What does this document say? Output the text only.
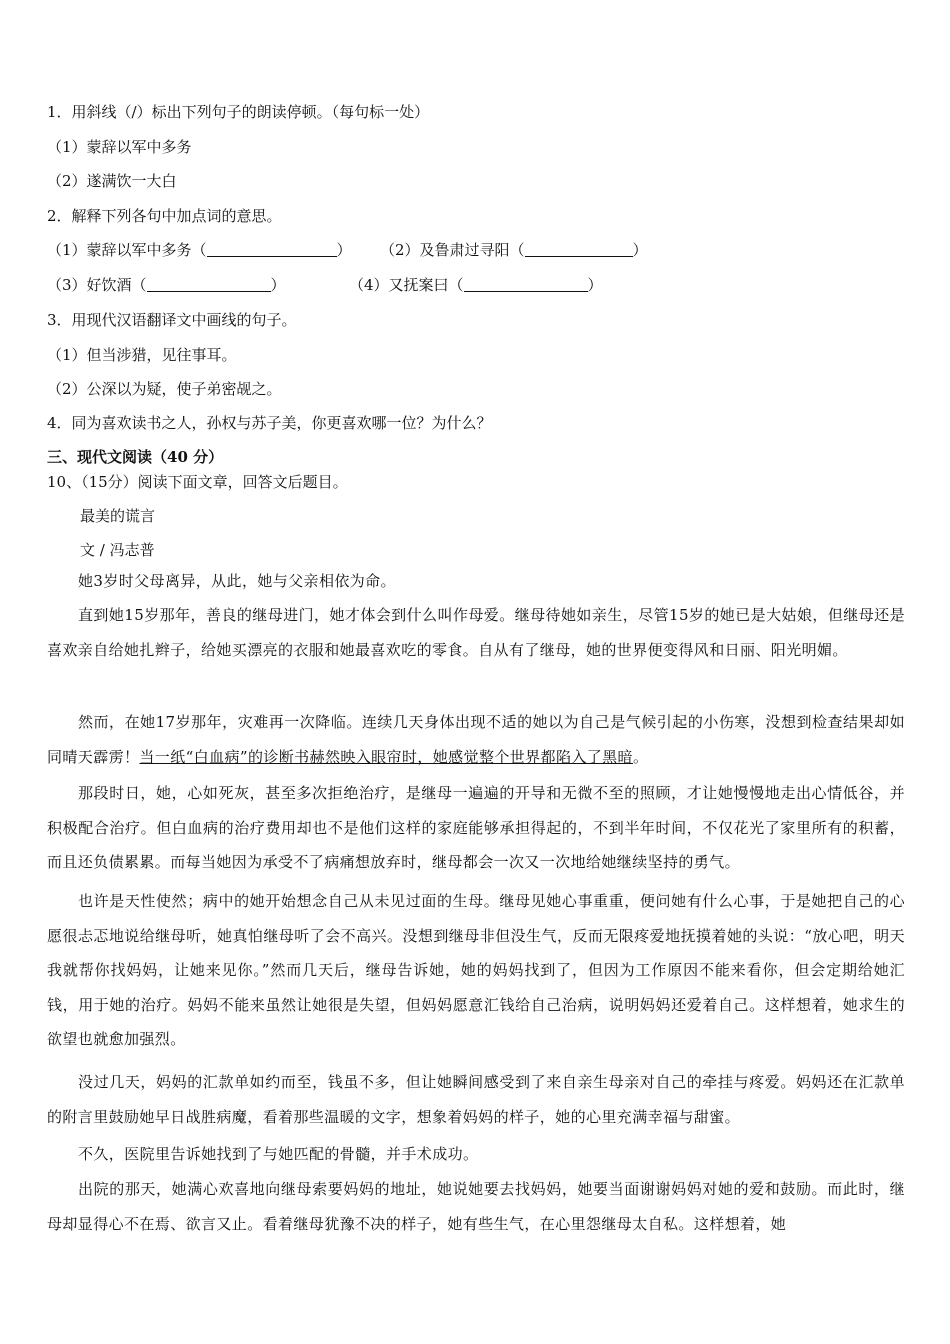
1．用斜线（/）标出下列句子的朗读停顿。（每句标一处）
（1）蒙辞以军中多务
（2）遂满饮一大白
2．解释下列各句中加点词的意思。
（1）蒙辞以军中多务（	） （2）及鲁肃过寻阳（	）
（3）好饮酒（	）	（4）又抚案曰（	）
3．用现代汉语翻译文中画线的句子。
（1）但当涉猎，见往事耳。
（2）公深以为疑，使子弟密觇之。
4．同为喜欢读书之人，孙权与苏子美，你更喜欢哪一位？为什么？
三、现代文阅读（40 分）
10、（15分）阅读下面文章，回答文后题目。
最美的谎言
文 / 冯志普
她3岁时父母离异，从此，她与父亲相依为命。
直到她15岁那年，善良的继母进门，她才体会到什么叫作母爱。继母待她如亲生，尽管15岁的她已是大姑娘，但继母还是喜欢亲自给她扎辫子，给她买漂亮的衣服和她最喜欢吃的零食。自从有了继母，她的世界便变得风和日丽、阳光明媚。
然而，在她17岁那年，灾难再一次降临。连续几天身体出现不适的她以为自己是气候引起的小伤寒，没想到检查结果却如同晴天霹雳！当一纸“白血病”的诊断书赫然映入眼帘时，她感觉整个世界都陷入了黑暗。
那段时日，她，心如死灰，甚至多次拒绝治疗，是继母一遍遍的开导和无微不至的照顾，才让她慢慢地走出心情低谷，并积极配合治疗。但白血病的治疗费用却也不是他们这样的家庭能够承担得起的，不到半年时间，不仅花光了家里所有的积蓄，而且还负债累累。而每当她因为承受不了病痛想放弃时，继母都会一次又一次地给她继续坚持的勇气。
也许是天性使然；病中的她开始想念自己从未见过面的生母。继母见她心事重重，便问她有什么心事，于是她把自己的心愿很忐忑地说给继母听，她真怕继母听了会不高兴。没想到继母非但没生气，反而无限疼爱地抚摸着她的头说：“放心吧，明天我就帮你找妈妈，让她来见你。”然而几天后，继母告诉她，她的妈妈找到了，但因为工作原因不能来看你，但会定期给她汇钱，用于她的治疗。妈妈不能来虽然让她很是失望，但妈妈愿意汇钱给自己治病，说明妈妈还爱着自己。这样想着，她求生的欲望也就愈加强烈。
没过几天，妈妈的汇款单如约而至，钱虽不多，但让她瞬间感受到了来自亲生母亲对自己的牵挂与疼爱。妈妈还在汇款单的附言里鼓励她早日战胜病魔，看着那些温暖的文字，想象着妈妈的样子，她的心里充满幸福与甜蜜。
不久，医院里告诉她找到了与她匹配的骨髓，并手术成功。
出院的那天，她满心欢喜地向继母索要妈妈的地址，她说她要去找妈妈，她要当面谢谢妈妈对她的爱和鼓励。而此时，继母却显得心不在焉、欲言又止。看着继母犹豫不决的样子，她有些生气，在心里怨继母太自私。这样想着，她
